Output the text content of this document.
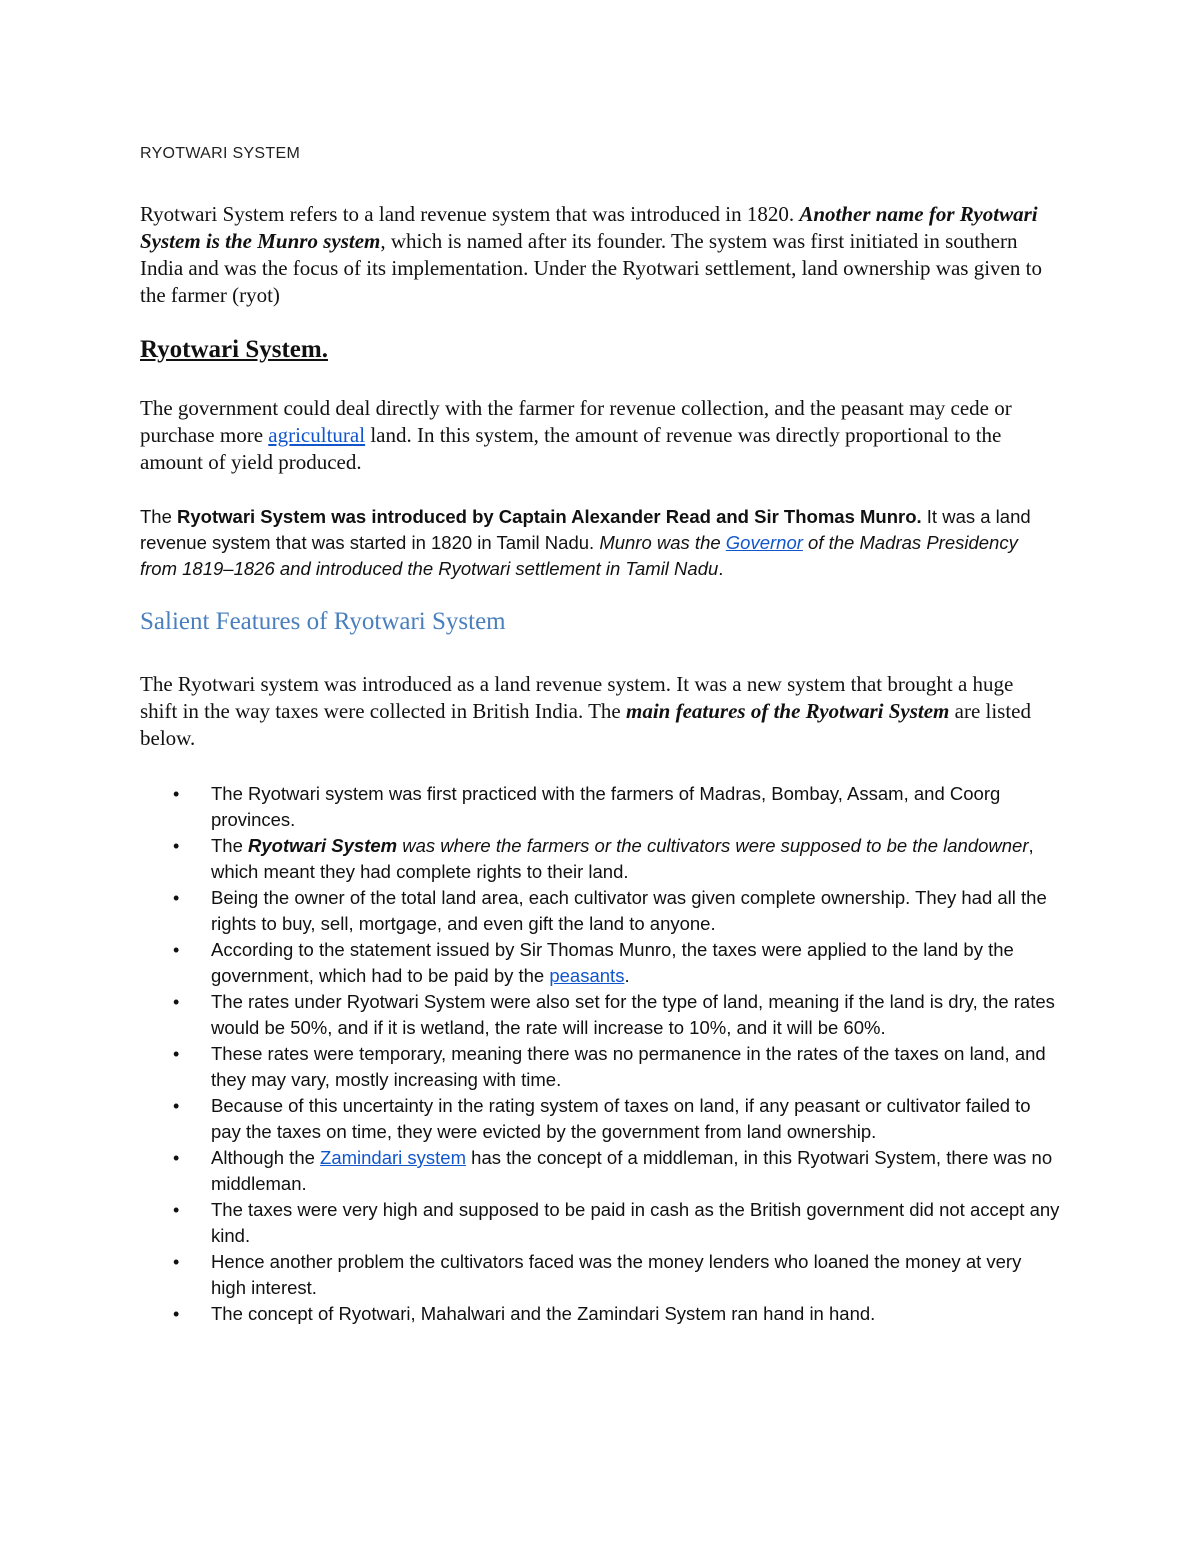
RYOTWARI SYSTEM

Ryotwari System refers to a land revenue system that was introduced in 1820. Another name for Ryotwari System is the Munro system, which is named after its founder. The system was first initiated in southern India and was the focus of its implementation. Under the Ryotwari settlement, land ownership was given to the farmer (ryot)

Ryotwari System.

The government could deal directly with the farmer for revenue collection, and the peasant may cede or purchase more agricultural land. In this system, the amount of revenue was directly proportional to the amount of yield produced.

The Ryotwari System was introduced by Captain Alexander Read and Sir Thomas Munro. It was a land revenue system that was started in 1820 in Tamil Nadu. Munro was the Governor of the Madras Presidency from 1819–1826 and introduced the Ryotwari settlement in Tamil Nadu.

Salient Features of Ryotwari System

The Ryotwari system was introduced as a land revenue system. It was a new system that brought a huge shift in the way taxes were collected in British India. The main features of the Ryotwari System are listed below.

• The Ryotwari system was first practiced with the farmers of Madras, Bombay, Assam, and Coorg provinces.
• The Ryotwari System was where the farmers or the cultivators were supposed to be the landowner, which meant they had complete rights to their land.
• Being the owner of the total land area, each cultivator was given complete ownership. They had all the rights to buy, sell, mortgage, and even gift the land to anyone.
• According to the statement issued by Sir Thomas Munro, the taxes were applied to the land by the government, which had to be paid by the peasants.
• The rates under Ryotwari System were also set for the type of land, meaning if the land is dry, the rates would be 50%, and if it is wetland, the rate will increase to 10%, and it will be 60%.
• These rates were temporary, meaning there was no permanence in the rates of the taxes on land, and they may vary, mostly increasing with time.
• Because of this uncertainty in the rating system of taxes on land, if any peasant or cultivator failed to pay the taxes on time, they were evicted by the government from land ownership.
• Although the Zamindari system has the concept of a middleman, in this Ryotwari System, there was no middleman.
• The taxes were very high and supposed to be paid in cash as the British government did not accept any kind.
• Hence another problem the cultivators faced was the money lenders who loaned the money at very high interest.
• The concept of Ryotwari, Mahalwari and the Zamindari System ran hand in hand.
